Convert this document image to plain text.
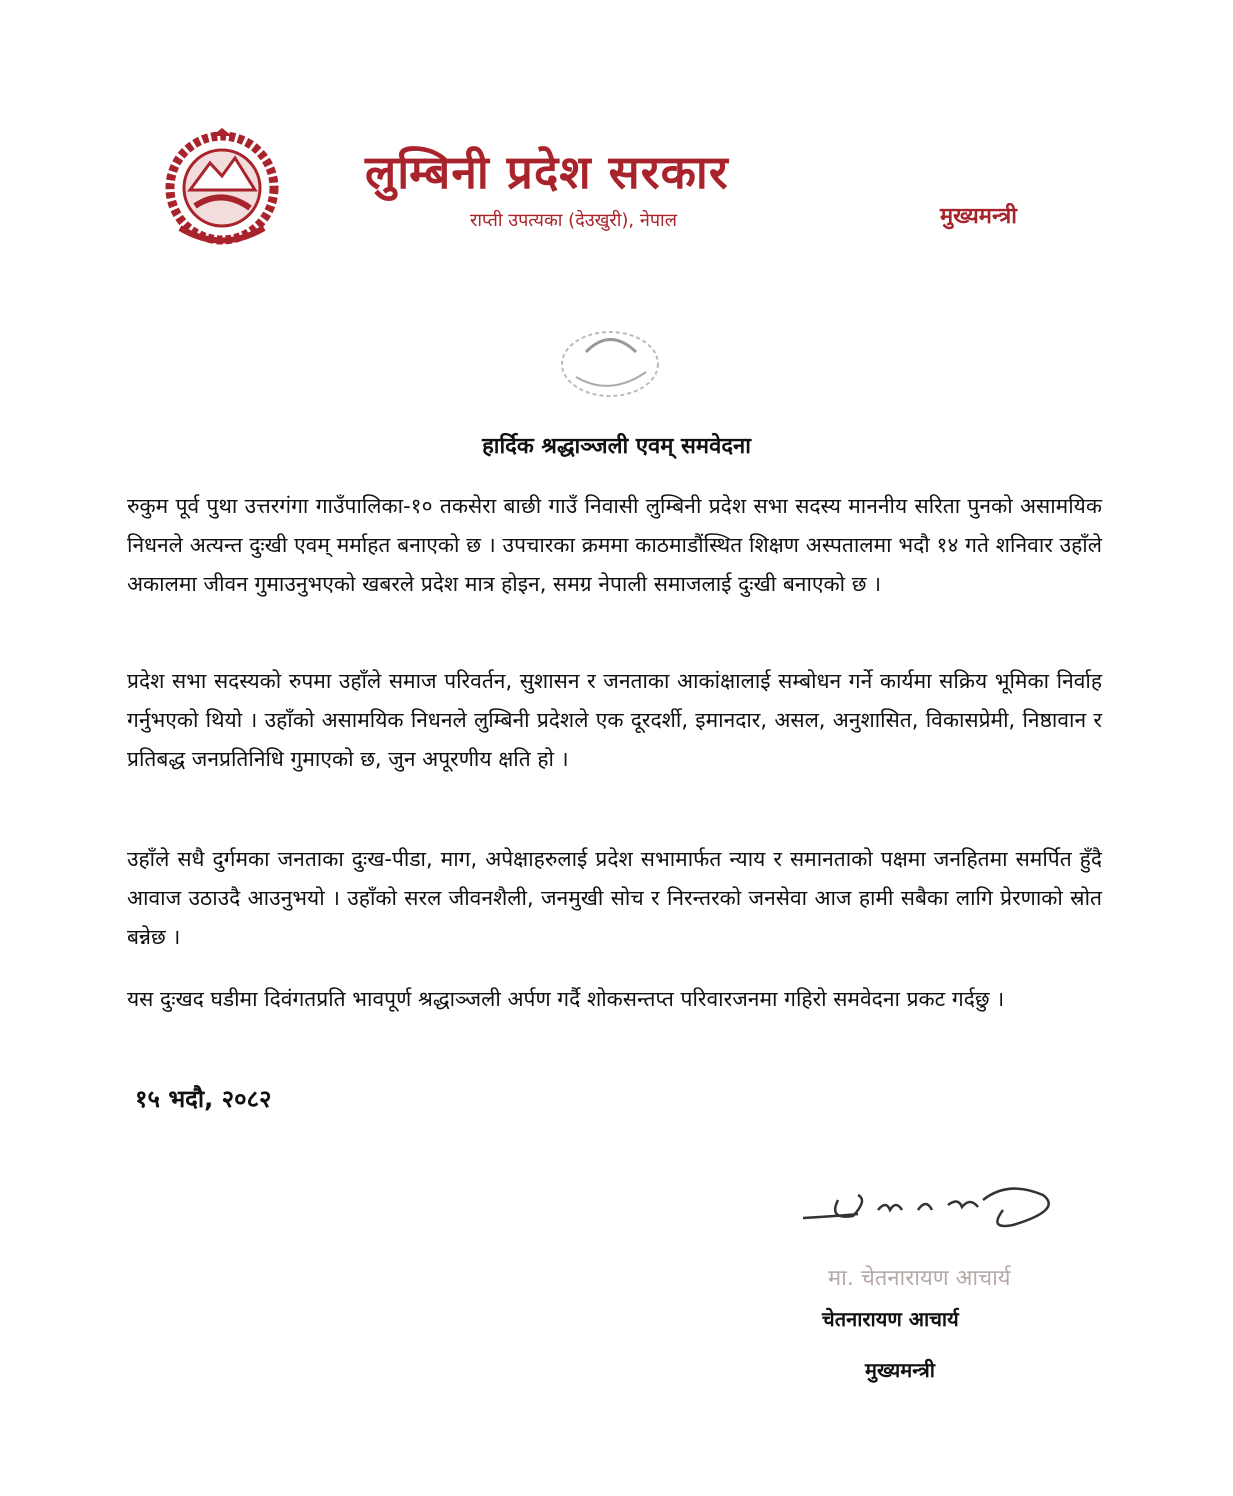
लुम्बिनी प्रदेश सरकार
राप्ती उपत्यका (देउखुरी), नेपाल	मुख्यमन्त्री
हार्दिक श्रद्धाञ्जली एवम् समवेदना
रुकुम पूर्व पुथा उत्तरगंगा गाउँपालिका-१० तकसेरा बाछी गाउँ निवासी लुम्बिनी प्रदेश सभा सदस्य माननीय सरिता पुनको असामयिक निधनले अत्यन्त दुःखी एवम् मर्माहत बनाएको छ । उपचारका क्रममा काठमाडौंस्थित शिक्षण अस्पतालमा भदौ १४ गते शनिवार उहाँले अकालमा जीवन गुमाउनुभएको खबरले प्रदेश मात्र होइन, समग्र नेपाली समाजलाई दुःखी बनाएको छ ।
प्रदेश सभा सदस्यको रुपमा उहाँले समाज परिवर्तन, सुशासन र जनताका आकांक्षालाई सम्बोधन गर्ने कार्यमा सक्रिय भूमिका निर्वाह गर्नुभएको थियो । उहाँको असामयिक निधनले लुम्बिनी प्रदेशले एक दूरदर्शी, इमानदार, असल, अनुशासित, विकासप्रेमी, निष्ठावान र प्रतिबद्ध जनप्रतिनिधि गुमाएको छ, जुन अपूरणीय क्षति हो ।
उहाँले सधै दुर्गमका जनताका दुःख-पीडा, माग, अपेक्षाहरुलाई प्रदेश सभामार्फत न्याय र समानताको पक्षमा जनहितमा समर्पित हुँदै आवाज उठाउदै आउनुभयो । उहाँको सरल जीवनशैली, जनमुखी सोच र निरन्तरको जनसेवा आज हामी सबैका लागि प्रेरणाको स्रोत बन्नेछ ।
यस दुःखद घडीमा दिवंगतप्रति भावपूर्ण श्रद्धाञ्जली अर्पण गर्दै शोकसन्तप्त परिवारजनमा गहिरो समवेदना प्रकट गर्दछु ।
१५ भदौ, २०८२
मा. चेतनारायण आचार्य
चेतनारायण आचार्य
मुख्यमन्त्री
